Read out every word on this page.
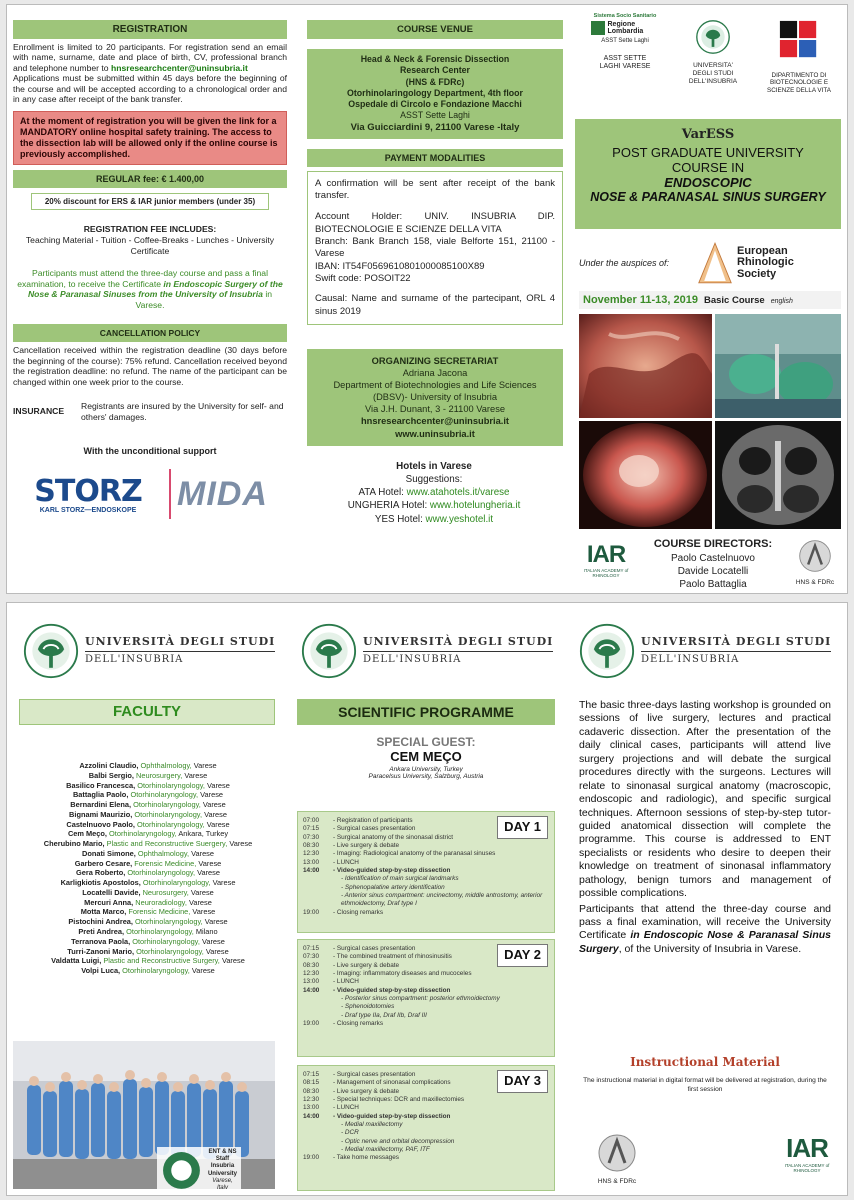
REGISTRATION
Enrollment is limited to 20 participants. For registration send an email with name, surname, date and place of birth, CV, professional branch and telephone number to hnsresearchcenter@uninsubria.it
Applications must be submitted within 45 days before the beginning of the course and will be accepted according to a chronological order and in any case after receipt of the bank transfer.
At the moment of registration you will be given the link for a MANDATORY online hospital safety training. The access to the dissection lab will be allowed only if the online course is previously accomplished.
REGULAR fee: € 1.400,00
20% discount for ERS & IAR junior members (under 35)
REGISTRATION FEE INCLUDES:
Teaching Material - Tuition - Coffee-Breaks - Lunches - University Certificate
Participants must attend the three-day course and pass a final examination, to receive the Certificate in Endoscopic Surgery of the Nose & Paranasal Sinuses from the University of Insubria in Varese.
CANCELLATION POLICY
Cancellation received within the registration deadline (30 days before the beginning of the course): 75% refund. Cancellation received beyond the registration deadline: no refund. The name of the participant can be changed within one week prior to the course.
INSURANCE
Registrants are insured by the University for self- and others' damages.
With the unconditional support
STORZ
KARL STORZ—ENDOSKOPE	MIDA
COURSE VENUE
Head & Neck & Forensic Dissection
Research Center
(HNS & FDRc)
Otorhinolaringology Department, 4th floor
Ospedale di Circolo e Fondazione Macchi
ASST Sette Laghi
Via Guicciardini 9, 21100 Varese -Italy
PAYMENT MODALITIES
A confirmation will be sent after receipt of the bank transfer.
Account Holder: UNIV. INSUBRIA DIP. BIOTECNOLOGIE E SCIENZE DELLA VITA
Branch: Bank Branch 158, viale Belforte 151, 21100 - Varese
IBAN: IT54F0569610801000085100X89
Swift code: POSOIT22
Causal: Name and surname of the partecipant, ORL 4 sinus 2019
ORGANIZING SECRETARIAT
Adriana Jacona
Department of Biotechnologies and Life Sciences
(DBSV)- University of Insubria
Via J.H. Dunant, 3 - 21100 Varese
hnsresearchcenter@uninsubria.it
www.uninsubria.it
Hotels in Varese
Suggestions:
ATA Hotel: www.atahotels.it/varese
UNGHERIA Hotel: www.hotelungheria.it
YES Hotel: www.yeshotel.it
Sistema Socio Sanitario
Regione Lombardia
ASST Sette Laghi
ASST SETTE LAGHI VARESE	UNIVERSITA' DEGLI STUDI DELL'INSUBRIA
DIPARTIMENTO DI BIOTECNOLOGIE E SCIENZE DELLA VITA
VarESS
POST GRADUATE UNIVERSITY
COURSE IN
ENDOSCOPIC
NOSE & PARANASAL SINUS SURGERY
Under the auspices of:
European
Rhinologic
Society
November 11-13, 2019 Basic Course english
IAR
ITALIAN ACADEMY of RHINOLOGY
COURSE DIRECTORS:
Paolo Castelnuovo
Davide Locatelli
Paolo Battaglia	HNS & FDRc
UNIVERSITÀ DEGLI STUDI
DELL'INSUBRIA
UNIVERSITÀ DEGLI STUDI
DELL'INSUBRIA
UNIVERSITÀ DEGLI STUDI
DELL'INSUBRIA
FACULTY
Azzolini Claudio, Ophthalmology, Varese
Balbi Sergio, Neurosurgery, Varese
Basilico Francesca, Otorhinolaryngology, Varese
Battaglia Paolo, Otorhinolaryngology, Varese
Bernardini Elena, Otorhinolaryngology, Varese
Bignami Maurizio, Otorhinolaryngology, Varese
Castelnuovo Paolo, Otorhinolaryngology, Varese
Cem Meço, Otorhinolaryngology, Ankara, Turkey
Cherubino Mario, Plastic and Reconstructive Suergery, Varese
Donati Simone, Ophthalmology, Varese
Garbero Cesare, Forensic Medicine, Varese
Gera Roberto, Otorhinolaryngology, Varese
Karligkiotis Apostolos, Otorhinolaryngology, Varese
Locatelli Davide, Neurosurgery, Varese
Mercuri Anna, Neuroradiology, Varese
Motta Marco, Forensic Medicine, Varese
Pistochini Andrea, Otorhinolaryngology, Varese
Preti Andrea, Otorhinolaryngology, Milano
Terranova Paola, Otorhinolaryngology, Varese
Turri-Zanoni Mario, Otorhinolaryngology, Varese
Valdatta Luigi, Plastic and Reconstructive Surgery, Varese
Volpi Luca, Otorhinolaryngology, Varese
ENT & NS Staff
Insubria University
Varese, Italy
SCIENTIFIC PROGRAMME
SPECIAL GUEST:
CEM MEÇO
Ankara University, Turkey
Paracelsus University, Salzburg, Austria
The basic three-days lasting workshop is grounded on sessions of live surgery, lectures and practical cadaveric dissection. After the presentation of the daily clinical cases, participants will attend live surgery projections and will debate the surgical procedures directly with the surgeons. Lectures will relate to sinonasal surgical anatomy (macroscopic, endoscopic and radiologic), and specific surgical techniques. Afternoon sessions of step-by-step tutor-guided anatomical dissection will complete the programme. This course is addressed to ENT specialists or residents who desire to deepen their knowledge on treatment of sinonasal inflammatory pathology, benign tumors and management of possible complications.
Participants that attend the three-day course and pass a final examination, will receive the University Certificate in Endoscopic Nose & Paranasal Sinus Surgery, of the University of Insubria in Varese.
Instructional Material
The instructional material in digital format will be delivered at registration, during the first session
HNS & FDRc
IAR
ITALIAN ACADEMY of RHINOLOGY
DAY 1
07:00	- Registration of participants
07:15	- Surgical cases presentation
07:30	- Surgical anatomy of the sinonasal district
08:30	- Live surgery & debate
12:30	- Imaging: Radiological anatomy of the paranasal sinuses
13:00	- LUNCH
14:00	- Video-guided step-by-step dissection
- Identification of main surgical landmarks
- Sphenopalatine artery identification
- Anterior sinus compartment: uncinectomy, middle antrostomy, anterior ethmoidectomy, Draf type I
19:00	- Closing remarks
DAY 2
07:15	- Surgical cases presentation
07:30	- The combined treatment of rhinosinusitis
08:30	- Live surgery & debate
12:30	- Imaging: inflammatory diseases and mucoceles
13:00	- LUNCH
14:00	- Video-guided step-by-step dissection
- Posterior sinus compartment: posterior ethmoidectomy
- Sphenoidotomies
- Draf type IIa, Draf IIb, Draf III
19:00	- Closing remarks
DAY 3
07:15	- Surgical cases presentation
08:15	- Management of sinonasal complications
08:30	- Live surgery & debate
12:30	- Special techniques: DCR and maxillectomies
13:00	- LUNCH
14:00	- Video-guided step-by-step dissection
- Medial maxillectomy
- DCR
- Optic nerve and orbital decompression
- Medial maxillectomy, PAF, ITF
19:00	- Take home messages
